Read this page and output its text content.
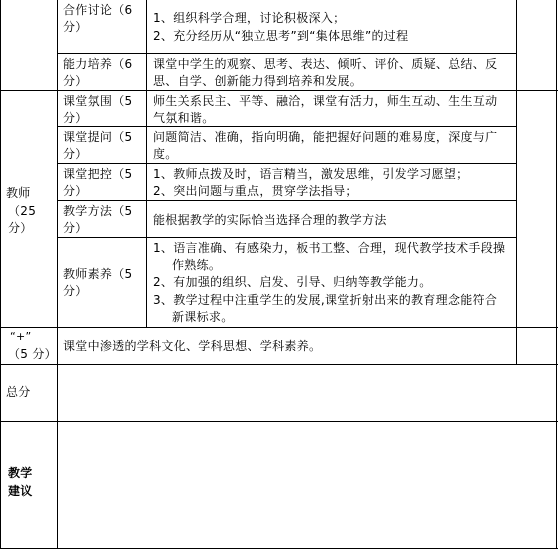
合作讨论（6
分）
1、组织科学合理，讨论积极深入；
2、充分经历从“独立思考”到“集体思维”的过程
能力培养（6
分）
课堂中学生的观察、思考、表达、倾听、评价、质疑、总结、反
思、自学、创新能力得到培养和发展。
课堂氛围（5
分）
师生关系民主、平等、融洽，课堂有活力，师生互动、生生互动
气氛和谐。
课堂提问（5
分）
问题简洁、准确，指向明确，能把握好问题的难易度，深度与广
度。
课堂把控（5
分）
1、教师点拨及时，语言精当，激发思维，引发学习愿望；
2、突出问题与重点，贯穿学法指导；
教师
（25
分）
教学方法（5
分）
能根据教学的实际恰当选择合理的教学方法
教师素养（5
分）
1、语言准确、有感染力，板书工整、合理，现代教学技术手段操
作熟练。
2、有加强的组织、启发、引导、归纳等教学能力。
3、教学过程中注重学生的发展,课堂折射出来的教育理念能符合
新课标求。
“+”
（5 分）
课堂中渗透的学科文化、学科思想、学科素养。
总分
教学
建议
